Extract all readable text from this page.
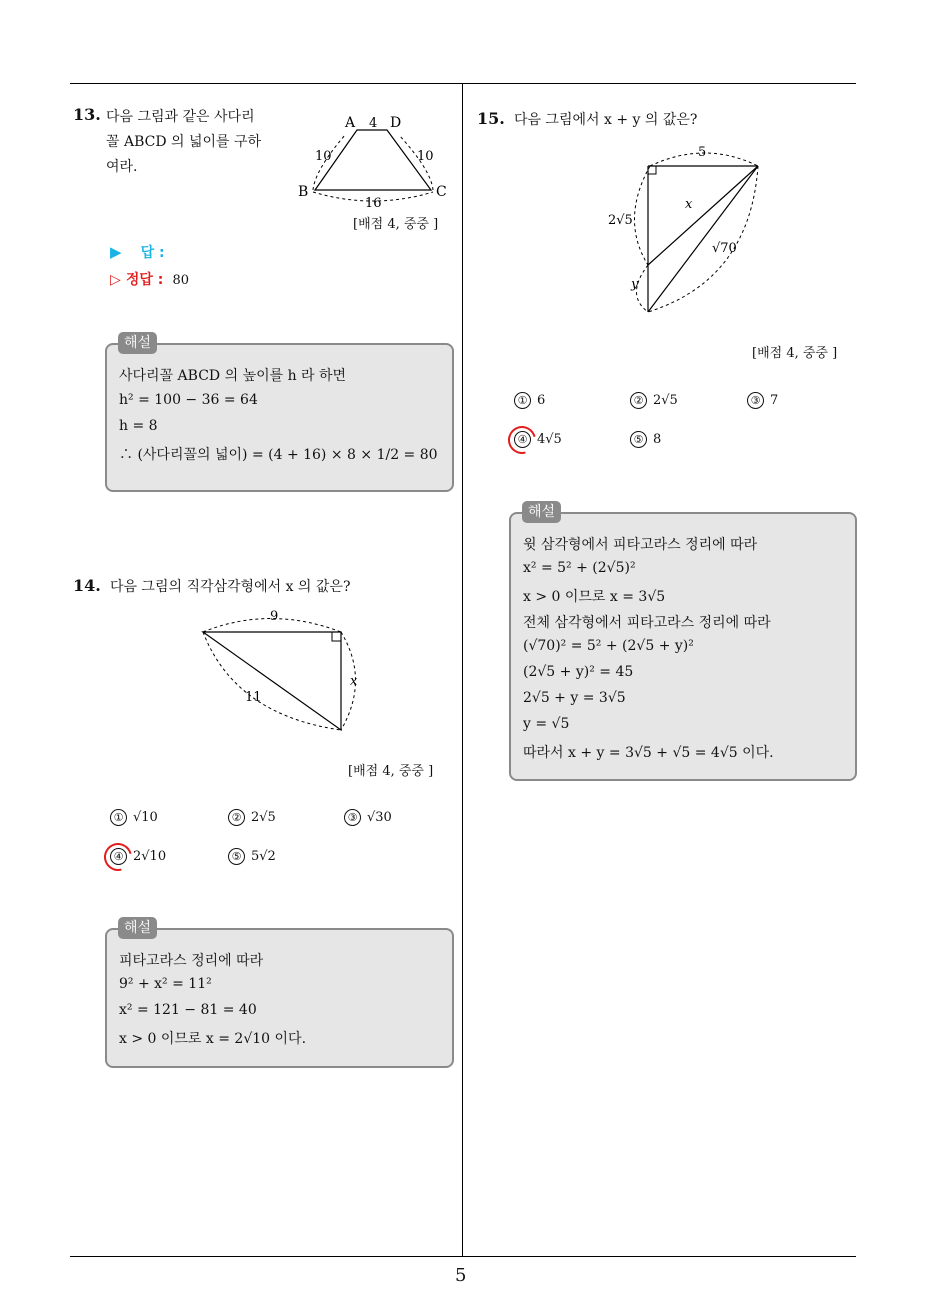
5
13. 다음 그림과 같은 사다리
꼴 ABCD 의 넓이를 구하
여라.
A D
B	C
4
10	10
16
[배점 4, 중중 ]
▶ 답 :
▷ 정답 : 80
사다리꼴 ABCD 의 높이를 h 라 하면
h² = 100 − 36 = 64
h = 8
∴ (사다리꼴의 넓이) = (4 + 16) × 8 × 1/2 = 80
해설
14. 다음 그림의 직각삼각형에서 x 의 값은?
9
11
x
[배점 4, 중중 ]
① √10	② 2√5	③ √30
④ 2√10	⑤ 5√2
피타고라스 정리에 따라
9² + x² = 11²
x² = 121 − 81 = 40
x > 0 이므로 x = 2√10 이다.
해설
15. 다음 그림에서 x + y 의 값은?
5
2√5
x
√70
y
[배점 4, 중중 ]
① 6	② 2√5	③ 7
④ 4√5	⑤ 8
윗 삼각형에서 피타고라스 정리에 따라
x² = 5² + (2√5)²
x > 0 이므로 x = 3√5
전체 삼각형에서 피타고라스 정리에 따라
(√70)² = 5² + (2√5 + y)²
(2√5 + y)² = 45
2√5 + y = 3√5
y = √5
따라서 x + y = 3√5 + √5 = 4√5 이다.
해설
